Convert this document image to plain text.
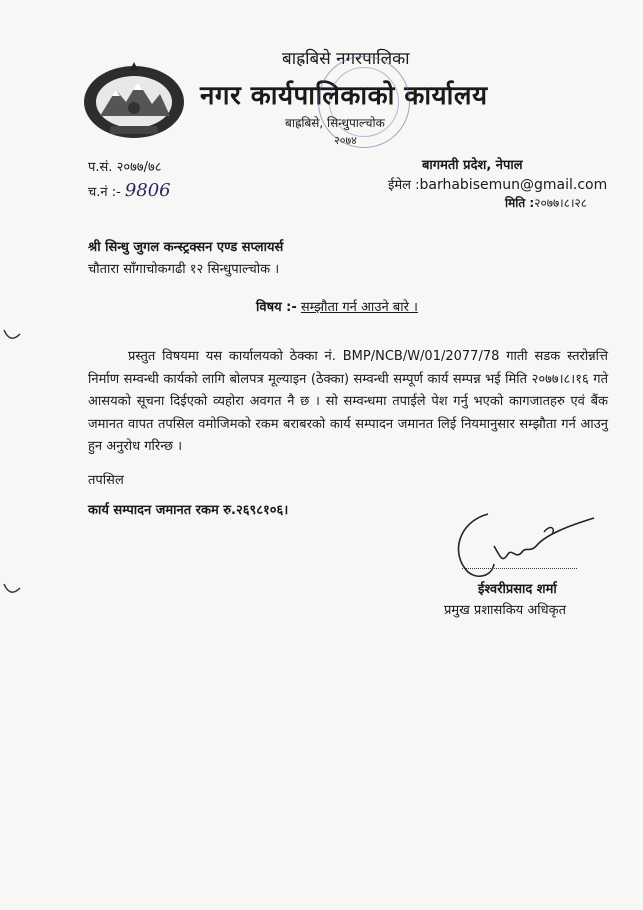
बाह्रबिसे नगरपालिका
नगर कार्यपालिकाको कार्यालय
बाह्रबिसे, सिन्धुपाल्चोक
२०७४
प.सं. २०७७/७८
च.नं :- 9806
बागमती प्रदेश, नेपाल
ईमेल :barhabisemun@gmail.com
मिति :२०७७।८।२८
श्री सिन्धु जुगल कन्स्ट्रक्सन एण्ड सप्लायर्स
चौतारा साँगाचोकगढी १२ सिन्धुपाल्चोक ।
विषय :- सम्झौता गर्न आउने बारे ।
प्रस्तुत विषयमा यस कार्यालयको ठेक्का नं. BMP/NCB/W/01/2077/78 गाती सडक स्तरोन्नत्ति निर्माण सम्वन्धी कार्यको लागि बोलपत्र मूल्याइन (ठेक्का) सम्वन्धी सम्पूर्ण कार्य सम्पन्न भई मिति २०७७।८।१६ गते आसयको सूचना दिईएको व्यहोरा अवगत नै छ । सो सम्वन्धमा तपाईले पेश गर्नु भएको कागजातहरु एवं बैंक जमानत वापत तपसिल वमोजिमको रकम बराबरको कार्य सम्पादन जमानत लिई नियमानुसार सम्झौता गर्न आउनु हुन अनुरोध गरिन्छ ।
तपसिल
कार्य सम्पादन जमानत रकम रु.२६९८१०६।
ईश्वरीप्रसाद शर्मा
प्रमुख प्रशासकिय अधिकृत
